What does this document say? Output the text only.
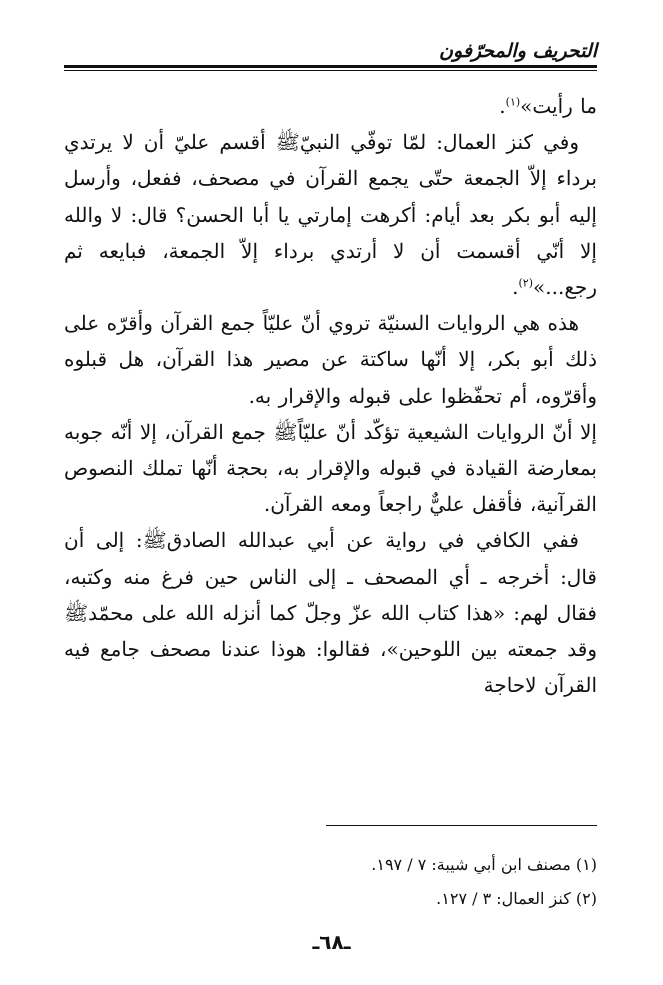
التحريف والمحرّفون

ما رأيت»$^{(١)}$.

وفي كنز العمال: لمّا توفّي النبيّﷺ أقسم عليّ أن لا يرتدي برداء إلاّ الجمعة حتّى يجمع القرآن في مصحف، ففعل، وأرسل إليه أبو بكر بعد أيام: أكرهت إمارتي يا أبا الحسن؟ قال: لا والله إلا أنّي أقسمت أن لا أرتدي برداء إلاّ الجمعة، فبايعه ثم رجع...»$^{(٢)}$.

هذه هي الروايات السنيّة تروي أنّ عليّاً جمع القرآن وأقرّه على ذلك أبو بكر، إلا أنّها ساكتة عن مصير هذا القرآن، هل قبلوه وأقرّوه، أم تحفّظوا على قبوله والإقرار به.

إلا أنّ الروايات الشيعية تؤكّد أنّ عليّاًﷺ جمع القرآن، إلا أنّه جوبه بمعارضة القيادة في قبوله والإقرار به، بحجة أنّها تملك النصوص القرآنية، فأقفل عليٌّ راجعاً ومعه القرآن.

ففي الكافي في رواية عن أبي عبدالله الصادقﷺ: إلى أن قال: أخرجه ـ أي المصحف ـ إلى الناس حين فرغ منه وكتبه، فقال لهم: «هذا كتاب الله عزّ وجلّ كما أنزله الله على محمّدﷺ وقد جمعته بين اللوحين»، فقالوا: هوذا عندنا مصحف جامع فيه القرآن لاحاجة

(١) مصنف ابن أبي شيبة: ٧ / ١٩٧.

(٢) كنز العمال: ٣ / ١٢٧.

ـ٦٨ـ
